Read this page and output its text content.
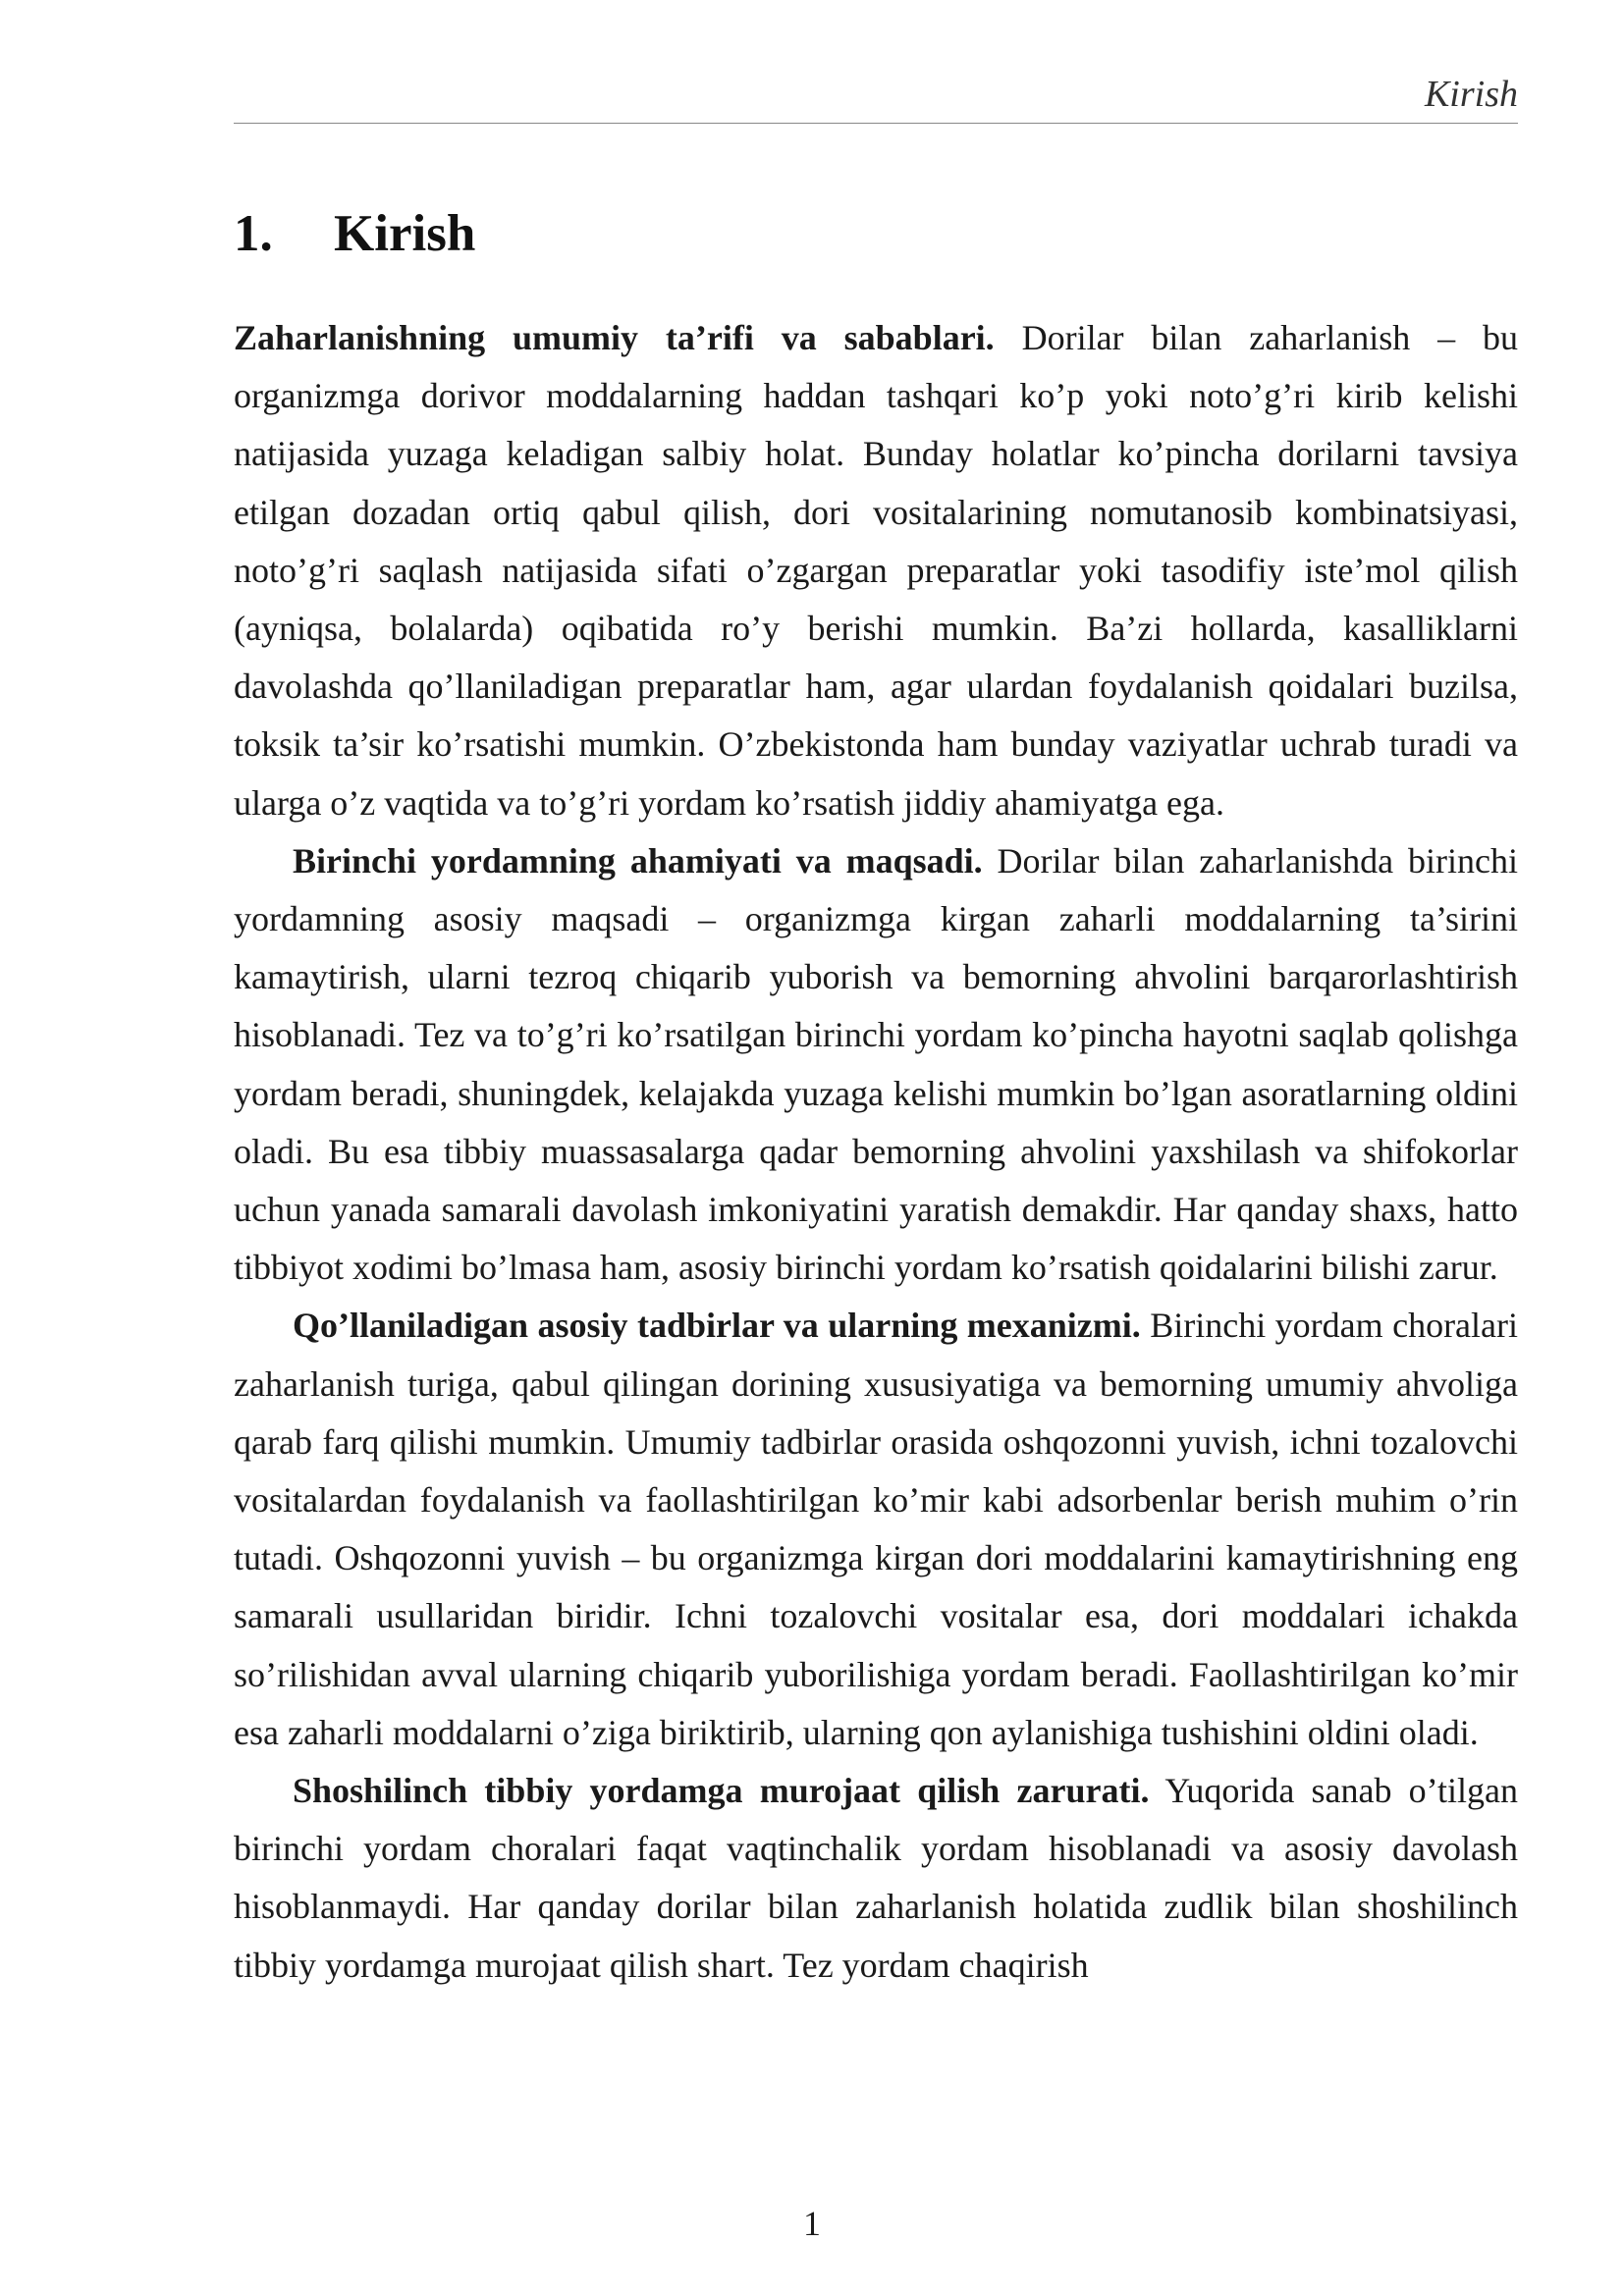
Kirish
1. Kirish

Zaharlanishning umumiy ta’rifi va sabablari. Dorilar bilan zaharlanish – bu organizmga dorivor moddalarning haddan tashqari ko’p yoki noto’g’ri kirib kelishi natijasida yuzaga keladigan salbiy holat. Bunday holatlar ko’pincha dorilarni tavsiya etilgan dozadan ortiq qabul qilish, dori vositalarining nomutanosib kombinatsiyasi, noto’g’ri saqlash natijasida sifati o’zgargan preparatlar yoki tasodifiy iste’mol qilish (ayniqsa, bolalarda) oqibatida ro’y berishi mumkin. Ba’zi hollarda, kasalliklarni davolashda qo’llaniladigan preparatlar ham, agar ulardan foydalanish qoidalari buzilsa, toksik ta’sir ko’rsatishi mumkin. O’zbekistonda ham bunday vaziyatlar uchrab turadi va ularga o’z vaqtida va to’g’ri yordam ko’rsatish jiddiy ahamiyatga ega.

Birinchi yordamning ahamiyati va maqsadi. Dorilar bilan zaharlanishda birinchi yordamning asosiy maqsadi – organizmga kirgan zaharli moddalarning ta’sirini kamaytirish, ularni tezroq chiqarib yuborish va bemorning ahvolini barqarorlashtirish hisoblanadi. Tez va to’g’ri ko’rsatilgan birinchi yordam ko’pincha hayotni saqlab qolishga yordam beradi, shuningdek, kelajakda yuzaga kelishi mumkin bo’lgan asoratlarning oldini oladi. Bu esa tibbiy muassasalarga qadar bemorning ahvolini yaxshilash va shifokorlar uchun yanada samarali davolash imkoniyatini yaratish demakdir. Har qanday shaxs, hatto tibbiyot xodimi bo’lmasa ham, asosiy birinchi yordam ko’rsatish qoidalarini bilishi zarur.

Qo’llaniladigan asosiy tadbirlar va ularning mexanizmi. Birinchi yordam choralari zaharlanish turiga, qabul qilingan dorining xususiyatiga va bemorning umumiy ahvoliga qarab farq qilishi mumkin. Umumiy tadbirlar orasida oshqozonni yuvish, ichni tozalovchi vositalardan foydalanish va faollashtirilgan ko’mir kabi adsorbenlar berish muhim o’rin tutadi. Oshqozonni yuvish – bu organizmga kirgan dori moddalarini kamaytirishning eng samarali usullaridan biridir. Ichni tozalovchi vositalar esa, dori moddalari ichakda so’rilishidan avval ularning chiqarib yuborilishiga yordam beradi. Faollashtirilgan ko’mir esa zaharli moddalarni o’ziga biriktirib, ularning qon aylanishiga tushishini oldini oladi.

Shoshilinch tibbiy yordamga murojaat qilish zarurati. Yuqorida sanab o’tilgan birinchi yordam choralari faqat vaqtinchalik yordam hisoblanadi va asosiy davolash hisoblanmaydi. Har qanday dorilar bilan zaharlanish holatida zudlik bilan shoshilinch tibbiy yordamga murojaat qilish shart. Tez yordam chaqirish

1
